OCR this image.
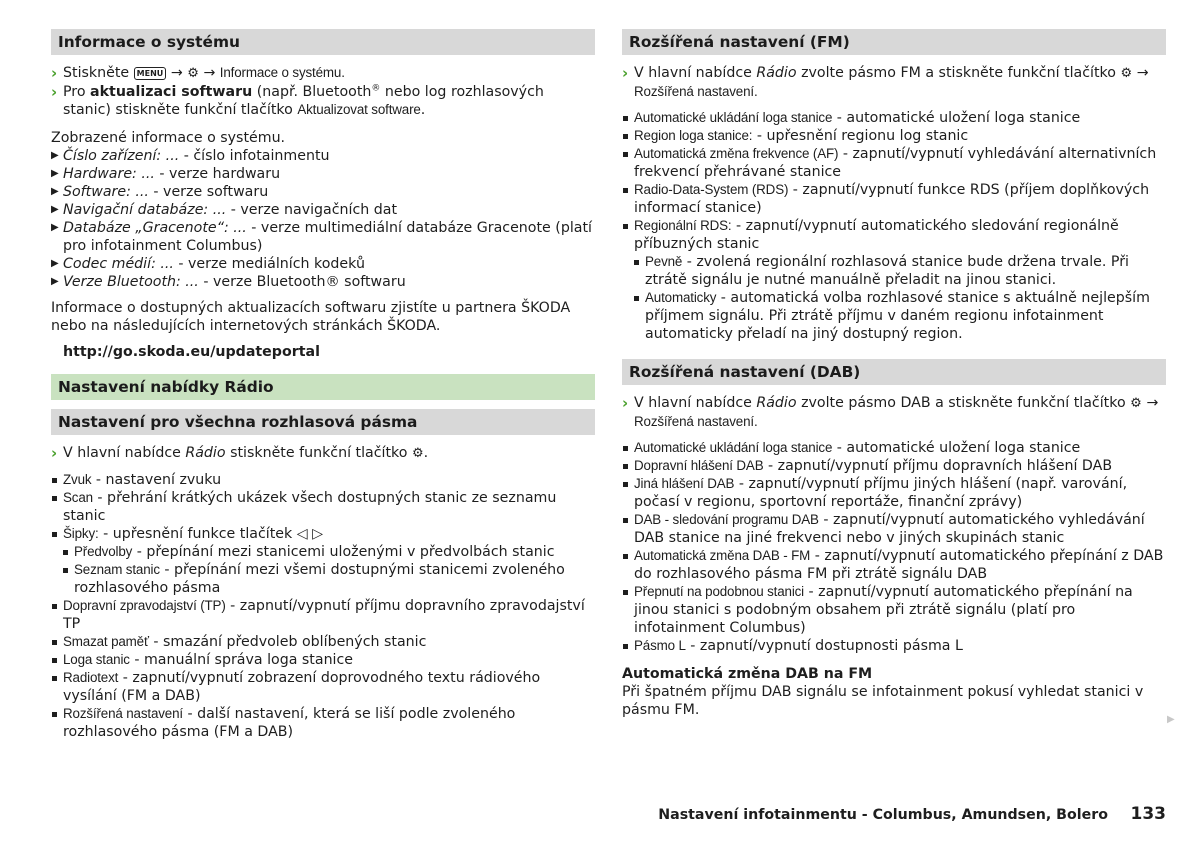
Informace o systému
› Stiskněte MENU → ⚙ → Informace o systému.
› Pro aktualizaci softwaru (např. Bluetooth® nebo log rozhlasových stanic) stiskněte funkční tlačítko Aktualizovat software.
Zobrazené informace o systému.
▶ Číslo zařízení: ... - číslo infotainmentu
▶ Hardware: ... - verze hardwaru
▶ Software: ... - verze softwaru
▶ Navigační databáze: ... - verze navigačních dat
▶ Databáze „Gracenote“: ... - verze multimediální databáze Gracenote (platí pro infotainment Columbus)
▶ Codec médií: ... - verze mediálních kodeků
▶ Verze Bluetooth: ... - verze Bluetooth® softwaru
Informace o dostupných aktualizacích softwaru zjistíte u partnera ŠKODA nebo na následujících internetových stránkách ŠKODA.
http://go.skoda.eu/updateportal
Nastavení nabídky Rádio
Nastavení pro všechna rozhlasová pásma
› V hlavní nabídce Rádio stiskněte funkční tlačítko ⚙.
Zvuk - nastavení zvuku
Scan - přehrání krátkých ukázek všech dostupných stanic ze seznamu stanic
Šipky: - upřesnění funkce tlačítek ◁ ▷
Předvolby - přepínání mezi stanicemi uloženými v předvolbách stanic
Seznam stanic - přepínání mezi všemi dostupnými stanicemi zvoleného rozhlasového pásma
Dopravní zpravodajství (TP) - zapnutí/vypnutí příjmu dopravního zpravodajství TP
Smazat paměť - smazání předvoleb oblíbených stanic
Loga stanic - manuální správa loga stanice
Radiotext - zapnutí/vypnutí zobrazení doprovodného textu rádiového vysílání (FM a DAB)
Rozšířená nastavení - další nastavení, která se liší podle zvoleného rozhlasového pásma (FM a DAB)
Rozšířená nastavení (FM)
› V hlavní nabídce Rádio zvolte pásmo FM a stiskněte funkční tlačítko ⚙ → Rozšířená nastavení.
Automatické ukládání loga stanice - automatické uložení loga stanice
Region loga stanice: - upřesnění regionu log stanic
Automatická změna frekvence (AF) - zapnutí/vypnutí vyhledávání alternativních frekvencí přehrávané stanice
Radio-Data-System (RDS) - zapnutí/vypnutí funkce RDS (příjem doplňkových informací stanice)
Regionální RDS: - zapnutí/vypnutí automatického sledování regionálně příbuzných stanic
Pevně - zvolená regionální rozhlasová stanice bude držena trvale. Při ztrátě signálu je nutné manuálně přeladit na jinou stanici.
Automaticky - automatická volba rozhlasové stanice s aktuálně nejlepším příjmem signálu. Při ztrátě příjmu v daném regionu infotainment automaticky přeladí na jiný dostupný region.
Rozšířená nastavení (DAB)
› V hlavní nabídce Rádio zvolte pásmo DAB a stiskněte funkční tlačítko ⚙ → Rozšířená nastavení.
Automatické ukládání loga stanice - automatické uložení loga stanice
Dopravní hlášení DAB - zapnutí/vypnutí příjmu dopravních hlášení DAB
Jiná hlášení DAB - zapnutí/vypnutí příjmu jiných hlášení (např. varování, počasí v regionu, sportovní reportáže, finanční zprávy)
DAB - sledování programu DAB - zapnutí/vypnutí automatického vyhledávání DAB stanice na jiné frekvenci nebo v jiných skupinách stanic
Automatická změna DAB - FM - zapnutí/vypnutí automatického přepínání z DAB do rozhlasového pásma FM při ztrátě signálu DAB
Přepnutí na podobnou stanici - zapnutí/vypnutí automatického přepínání na jinou stanici s podobným obsahem při ztrátě signálu (platí pro infotainment Columbus)
Pásmo L - zapnutí/vypnutí dostupnosti pásma L
Automatická změna DAB na FM
Při špatném příjmu DAB signálu se infotainment pokusí vyhledat stanici v pásmu FM.
▶
Nastavení infotainmentu - Columbus, Amundsen, Bolero 133
